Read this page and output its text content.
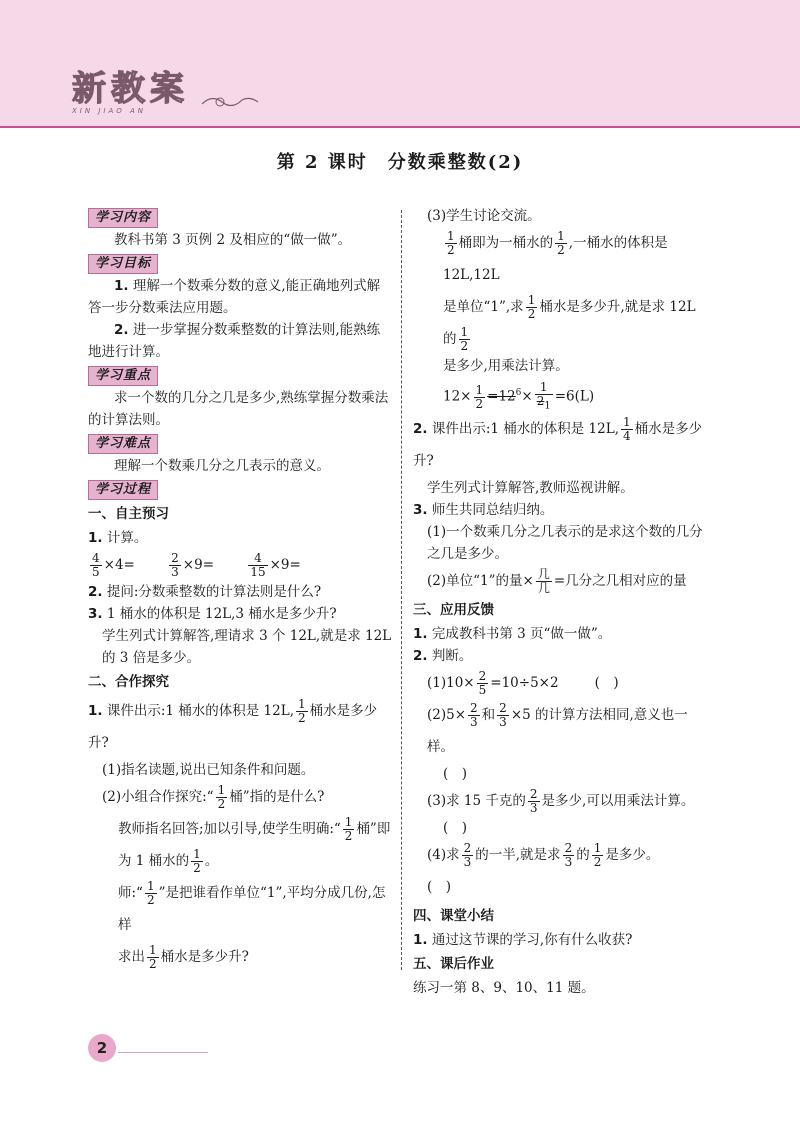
新教案
XIN JIAO AN
第 2 课时　分数乘整数(2)
学习内容

教科书第 3 页例 2 及相应的“做一做”。

学习目标

1. 理解一个数乘分数的意义,能正确地列式解答一步分数乘法应用题。

2. 进一步掌握分数乘整数的计算法则,能熟练地进行计算。

学习重点

求一个数的几分之几是多少,熟练掌握分数乘法的计算法则。

学习难点

理解一个数乘几分之几表示的意义。

学习过程

一、自主预习

1. 计算。

$\frac{4}{5} \times 4=$	$\frac{2}{3} \times 9=$	$\frac{4}{15} \times 9=$

2. 提问:分数乘整数的计算法则是什么?

3. 1 桶水的体积是 12L,3 桶水是多少升?

学生列式计算解答,理请求 3 个 12L,就是求 12L 的 3 倍是多少。

二、合作探究

1. 课件出示:1 桶水的体积是 12L, $\frac{1}{2}$ 桶水是多少升?

(1)指名读题,说出已知条件和问题。

(2)小组合作探究:“ $\frac{1}{2}$ 桶”指的是什么?

教师指名回答;加以引导,使学生明确:“ $\frac{1}{2}$ 桶”即

为 1 桶水的 $\frac{1}{2}$ 。

师:“ $\frac{1}{2}$ ”是把谁看作单位“1”,平均分成几份,怎样

求出 $\frac{1}{2}$ 桶水是多少升?

(3)学生讨论交流。

$\frac{1}{2}$ 桶即为一桶水的 $\frac{1}{2}$ ,一桶水的体积是 12L,12L

是单位“1”,求 $\frac{1}{2}$ 桶水是多少升,就是求 12L 的 $\frac{1}{2}$

是多少,用乘法计算。

$12\times \frac{1}{2} =12^6\times \frac{1}{2_1} =6(L)$

2. 课件出示:1 桶水的体积是 12L, $\frac{1}{4}$ 桶水是多少升?

学生列式计算解答,教师巡视讲解。

3. 师生共同总结归纳。

(1)一个数乘几分之几表示的是求这个数的几分之几是多少。

(2)单位“1”的量× $\frac{\text{几}}{\text{几}}$ =几分之几相对应的量

三、应用反馈

1. 完成教科书第 3 页“做一做”。

2. 判断。

$(1)10\times \frac{2}{5} =10\div 5\times 2$	(　)

$(2)5\times \frac{2}{3}$ 和 $\frac{2}{3} \times 5$ 的计算方法相同,意义也一样。

(　)

(3)求 15 千克的 $\frac{2}{3}$ 是多少,可以用乘法计算。

(　)

(4)求 $\frac{2}{3}$ 的一半,就是求 $\frac{2}{3}$ 的 $\frac{1}{2}$ 是多少。(　)

四、课堂小结

1. 通过这节课的学习,你有什么收获?

五、课后作业

练习一第 8、9、10、11 题。

2
